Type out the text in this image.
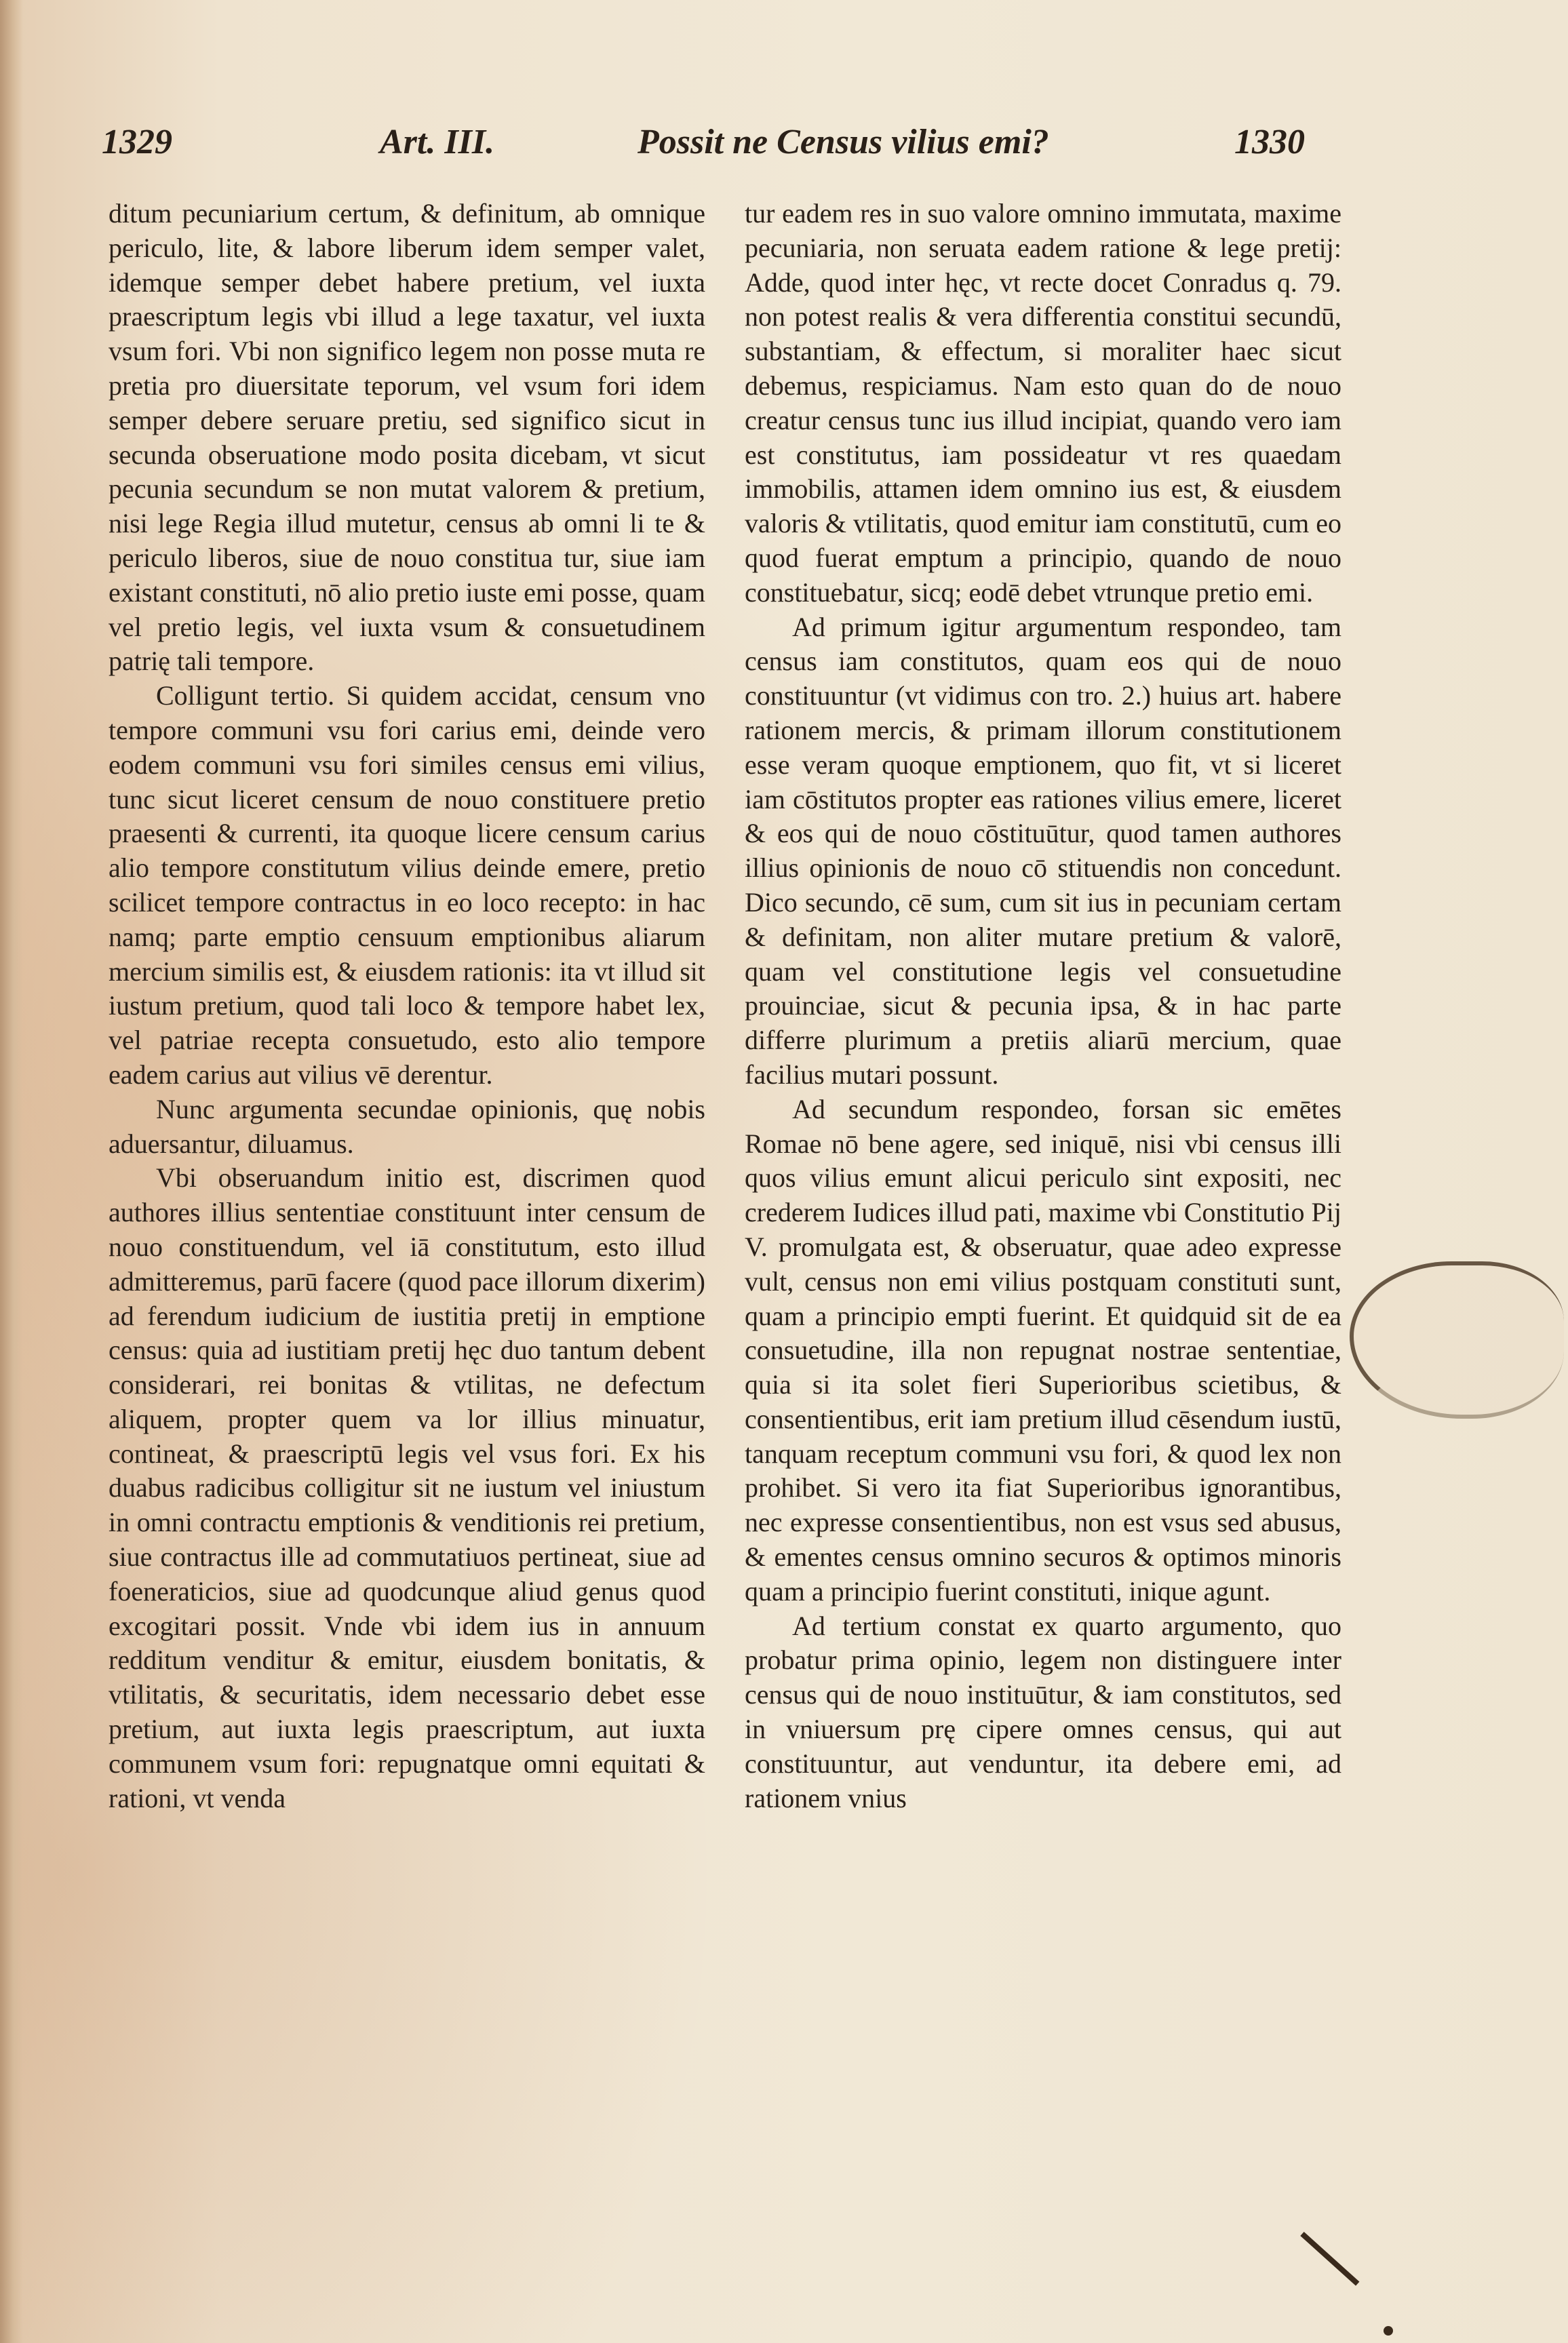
1329	Art. III.	Possit ne Census vilius emi?	1330

ditum pecuniarium certum, & definitum, ab omnique periculo, lite, & labore liberum idem semper valet, idemque semper debet habere pretium, vel iuxta praescriptum legis vbi illud a lege taxatur, vel iuxta vsum fori. Vbi non significo legem non posse muta re pretia pro diuersitate teporum, vel vsum fori idem semper debere seruare pretiu, sed significo sicut in secunda obseruatione modo posita dicebam, vt sicut pecunia secundum se non mutat valorem & pretium, nisi lege Regia illud mutetur, census ab omni li te & periculo liberos, siue de nouo constitua tur, siue iam existant constituti, nō alio pretio iuste emi posse, quam vel pretio legis, vel iuxta vsum & consuetudinem patrię tali tempore.

Colligunt tertio. Si quidem accidat, censum vno tempore communi vsu fori carius emi, deinde vero eodem communi vsu fori similes census emi vilius, tunc sicut liceret censum de nouo constituere pretio praesenti & currenti, ita quoque licere censum carius alio tempore constitutum vilius deinde emere, pretio scilicet tempore contractus in eo loco recepto: in hac namq; parte emptio censuum emptionibus aliarum mercium similis est, & eiusdem rationis: ita vt illud sit iustum pretium, quod tali loco & tempore habet lex, vel patriae recepta consuetudo, esto alio tempore eadem carius aut vilius vē derentur.

Nunc argumenta secundae opinionis, quę nobis aduersantur, diluamus.

Vbi obseruandum initio est, discrimen quod authores illius sententiae constituunt inter censum de nouo constituendum, vel iā constitutum, esto illud admitteremus, parū facere (quod pace illorum dixerim) ad ferendum iudicium de iustitia pretij in emptione census: quia ad iustitiam pretij hęc duo tantum debent considerari, rei bonitas & vtilitas, ne defectum aliquem, propter quem va lor illius minuatur, contineat, & praescriptū legis vel vsus fori. Ex his duabus radicibus colligitur sit ne iustum vel iniustum in omni contractu emptionis & venditionis rei pretium, siue contractus ille ad commutatiuos pertineat, siue ad foeneraticios, siue ad quodcunque aliud genus quod excogitari possit. Vnde vbi idem ius in annuum redditum venditur & emitur, eiusdem bonitatis, & vtilitatis, & securitatis, idem necessario debet esse pretium, aut iuxta legis praescriptum, aut iuxta communem vsum fori: repugnatque omni equitati & rationi, vt venda

tur eadem res in suo valore omnino immutata, maxime pecuniaria, non seruata eadem ratione & lege pretij: Adde, quod inter hęc, vt recte docet Conradus q. 79. non potest realis & vera differentia constitui secundū, substantiam, & effectum, si moraliter haec sicut debemus, respiciamus. Nam esto quan do de nouo creatur census tunc ius illud incipiat, quando vero iam est constitutus, iam possideatur vt res quaedam immobilis, attamen idem omnino ius est, & eiusdem valoris & vtilitatis, quod emitur iam constitutū, cum eo quod fuerat emptum a principio, quando de nouo constituebatur, sicq; eodē debet vtrunque pretio emi.

Ad primum igitur argumentum respondeo, tam census iam constitutos, quam eos qui de nouo constituuntur (vt vidimus con tro. 2.) huius art. habere rationem mercis, & primam illorum constitutionem esse veram quoque emptionem, quo fit, vt si liceret iam cōstitutos propter eas rationes vilius emere, liceret & eos qui de nouo cōstituūtur, quod tamen authores illius opinionis de nouo cō stituendis non concedunt. Dico secundo, cē sum, cum sit ius in pecuniam certam & definitam, non aliter mutare pretium & valorē, quam vel constitutione legis vel consuetudine prouinciae, sicut & pecunia ipsa, & in hac parte differre plurimum a pretiis aliarū mercium, quae facilius mutari possunt.

Ad secundum respondeo, forsan sic emētes Romae nō bene agere, sed iniquē, nisi vbi census illi quos vilius emunt alicui periculo sint expositi, nec crederem Iudices illud pati, maxime vbi Constitutio Pij V. promulgata est, & obseruatur, quae adeo expresse vult, census non emi vilius postquam constituti sunt, quam a principio empti fuerint. Et quidquid sit de ea consuetudine, illa non repugnat nostrae sententiae, quia si ita solet fieri Superioribus scietibus, & consentientibus, erit iam pretium illud cēsendum iustū, tanquam receptum communi vsu fori, & quod lex non prohibet. Si vero ita fiat Superioribus ignorantibus, nec expresse consentientibus, non est vsus sed abusus, & ementes census omnino securos & optimos minoris quam a principio fuerint constituti, inique agunt.

Ad tertium constat ex quarto argumento, quo probatur prima opinio, legem non distinguere inter census qui de nouo instituūtur, & iam constitutos, sed in vniuersum prę cipere omnes census, qui aut constituuntur, aut venduntur, ita debere emi, ad rationem vnius
